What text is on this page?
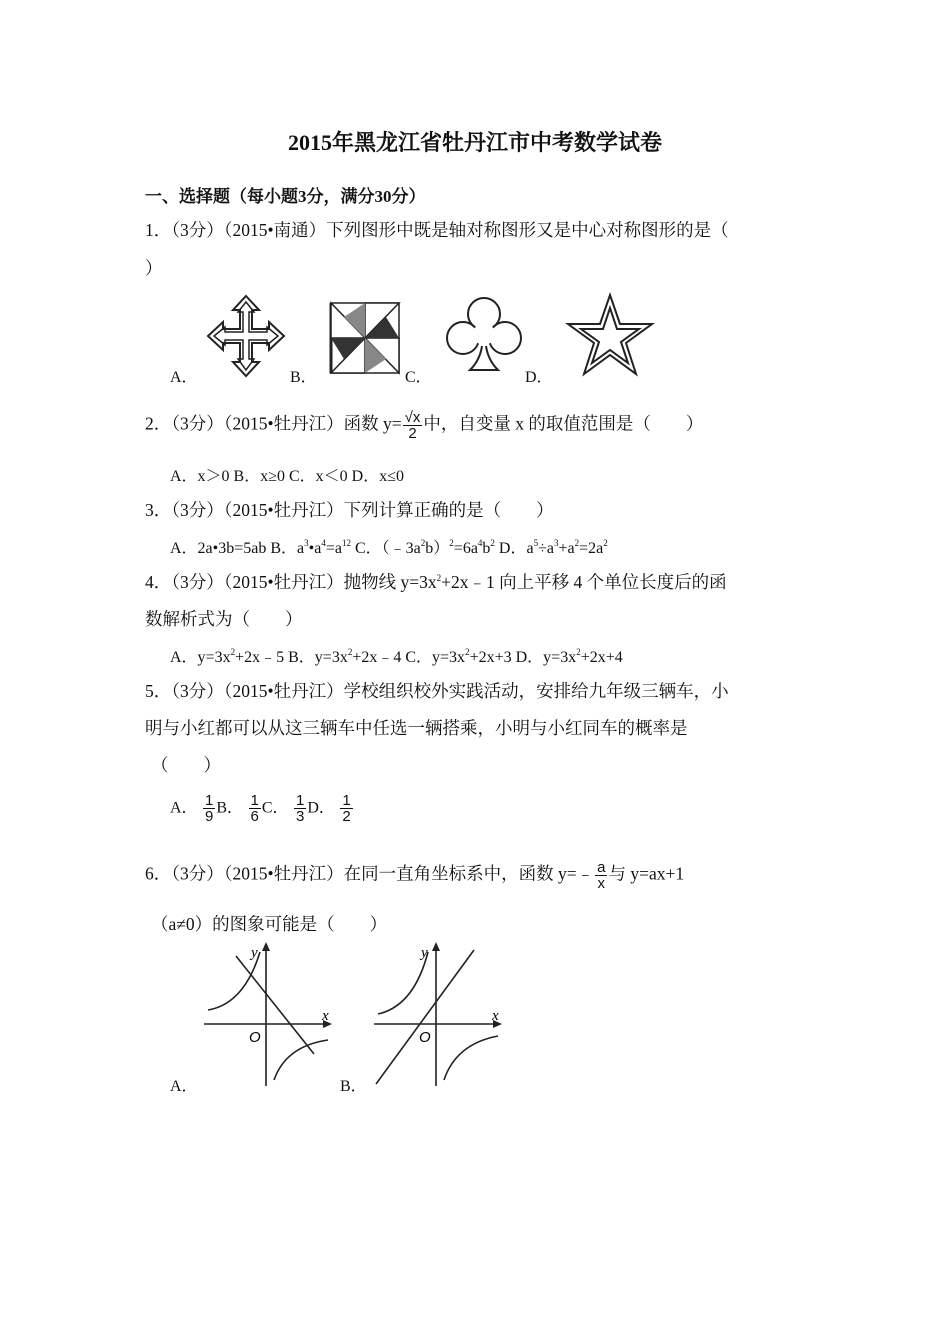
2015年黑龙江省牡丹江市中考数学试卷
一、选择题（每小题3分，满分30分）
1．（3分）（2015•南通）下列图形中既是轴对称图形又是中心对称图形的是（
）
A．	B．	C．	D．
2．（3分）（2015•牡丹江）函数 $y= \frac{√x}{2}$ 中，自变量 x 的取值范围是（　　）
A．x＞0 B．x≥0 C．x＜0 D．x≤0
3．（3分）（2015•牡丹江）下列计算正确的是（　　）
A．2a•3b=5ab B．$a^3•a^4=a^{12}$ C．$(﹣3a^2b)^2=6a^4b^2$ D．$a^5\div a^3+a^2=2a^2$
4．（3分）（2015•牡丹江）抛物线 $y=3x^2+2x﹣1$ 向上平移 4 个单位长度后的函
数解析式为（　　）
A．$y=3x^2+2x﹣5$ B．$y=3x^2+2x﹣4$ C．$y=3x^2+2x+3$ D．$y=3x^2+2x+4$
5．（3分）（2015•牡丹江）学校组织校外实践活动，安排给九年级三辆车，小
明与小红都可以从这三辆车中任选一辆搭乘，小明与小红同车的概率是
（　　）
A． $\frac{1}{9}$ B． $\frac{1}{6}$ C． $\frac{1}{3}$ D． $\frac{1}{2}$
6．（3分）（2015•牡丹江）在同一直角坐标系中，函数 y=﹣ $\frac{a}{x}$ 与 y=ax+1
（a≠0）的图象可能是（　　）
y
x
O
y
x
O
A．	B．
